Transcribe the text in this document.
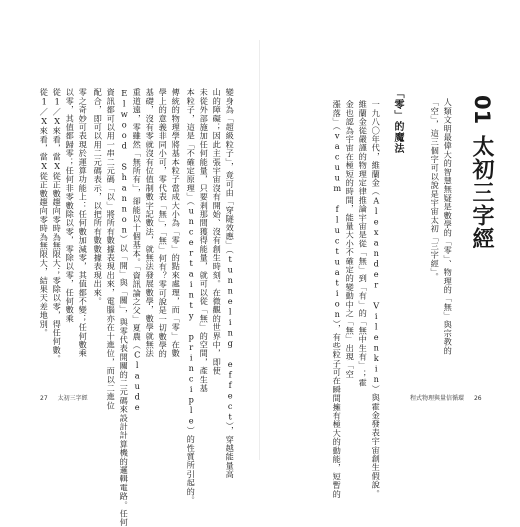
01
太初三字經
人類文明最偉大的智慧無疑是數學的「零」、物理的「無」與宗教的
「空」，這三個字可以說是宇宙太初「三字經」。
「零」的魔法
一九八〇年代，維蘭金（Alexander Vilenkin）與霍金發表宇宙創生假說。
維蘭金從嚴謹的物理定律推論宇宙是從「無」到「有」的「無中生有」；霍
金也認為宇宙在極短的時間，能量大小不確定的變動中之「無」出現「空
漲落」（vacuum fluctuation），有些粒子可在瞬間擁有極大的動能，短暫的	程式物理與量信循環 26
變身為「超級粒子」，竟可由「穿隧效應」（tunneling effect），穿越能量高
山的障礙；因此主張宇宙沒有開始、沒有創生時刻。在微觀的世界中，即使
未從外部施加任何能量，只要剎那間獲得能量，就可以從「無」的空間，產生基
本粒子，這是「不確定原理」（uncertainty principle）的性質所引起的。
傳統的物理學將基本粒子當成大小為「零」的點來處理，而「零」在數
學上的意義非同小可，零代表「無」，「無」何有？零可說是一切數學的
基礎，沒有零就沒有位值制數字記數法，就無法發展數學，數學就無法
重道遠，零雖然「無所有」，卻能以十個基本。「資訊論之父」夏農（Claude
Elwood Shannon）以「開」與「關」，與零代表開關的二元碼來設計計算機的邏輯電路。任何
資訊都可以用一串二元碼「以」將所有數據表現出來，電腦亦在十進位，而以二進位
配合，即可以用二元碼表示，以把所有數數據表現出來。
零之奇妙可表現於運算功能上：任何數加減零，其值都不變；任何數乘
以零，其值都歸零；任何非零數除以零，零除以零，任何數乘
從1／X來看，當X從正數趨向零時為無限大；零除以零，得任何數。
從1／X來看，當X從正數趨向零時為無限大，結果天差地別。
27 太初三字經
